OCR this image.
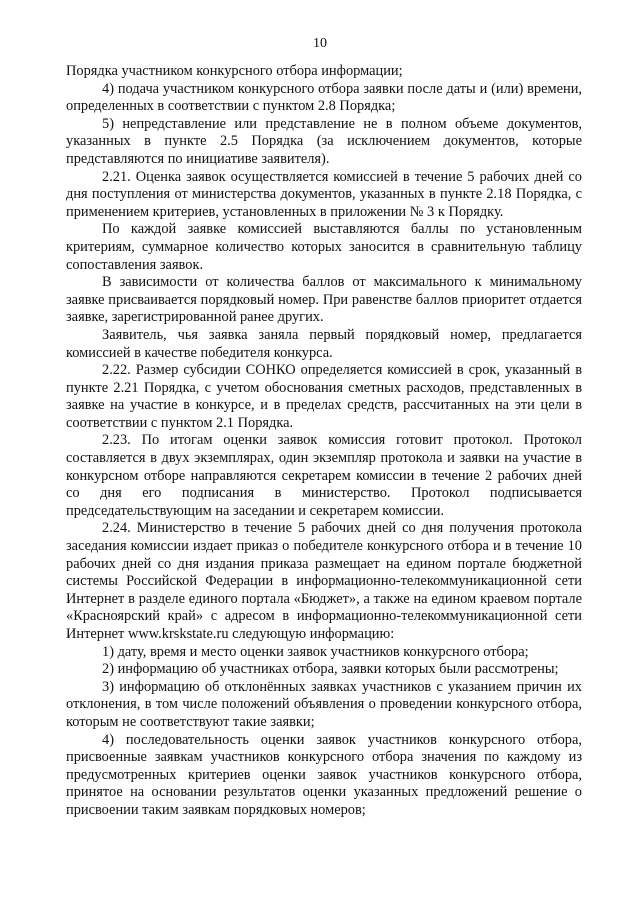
10

Порядка участником конкурсного отбора информации;

4) подача участником конкурсного отбора заявки после даты и (или) времени, определенных в соответствии с пунктом 2.8 Порядка;

5) непредставление или представление не в полном объеме документов, указанных в пункте 2.5 Порядка (за исключением документов, которые представляются по инициативе заявителя).

2.21. Оценка заявок осуществляется комиссией в течение 5 рабочих дней со дня поступления от министерства документов, указанных в пункте 2.18 Порядка, с применением критериев, установленных в приложении № 3 к Порядку.

По каждой заявке комиссией выставляются баллы по установленным критериям, суммарное количество которых заносится в сравнительную таблицу сопоставления заявок.

В зависимости от количества баллов от максимального к минимальному заявке присваивается порядковый номер. При равенстве баллов приоритет отдается заявке, зарегистрированной ранее других.

Заявитель, чья заявка заняла первый порядковый номер, предлагается комиссией в качестве победителя конкурса.

2.22. Размер субсидии СОНКО определяется комиссией в срок, указанный в пункте 2.21 Порядка, с учетом обоснования сметных расходов, представленных в заявке на участие в конкурсе, и в пределах средств, рассчитанных на эти цели в соответствии с пунктом 2.1 Порядка.

2.23. По итогам оценки заявок комиссия готовит протокол. Протокол составляется в двух экземплярах, один экземпляр протокола и заявки на участие в конкурсном отборе направляются секретарем комиссии в течение 2 рабочих дней со дня его подписания в министерство. Протокол подписывается председательствующим на заседании и секретарем комиссии.

2.24. Министерство в течение 5 рабочих дней со дня получения протокола заседания комиссии издает приказ о победителе конкурсного отбора и в течение 10 рабочих дней со дня издания приказа размещает на едином портале бюджетной системы Российской Федерации в информационно-телекоммуникационной сети Интернет в разделе единого портала «Бюджет», а также на едином краевом портале «Красноярский край» с адресом в информационно-телекоммуникационной сети Интернет www.krskstate.ru следующую информацию:

1) дату, время и место оценки заявок участников конкурсного отбора;

2) информацию об участниках отбора, заявки которых были рассмотрены;

3) информацию об отклонённых заявках участников с указанием причин их отклонения, в том числе положений объявления о проведении конкурсного отбора, которым не соответствуют такие заявки;

4) последовательность оценки заявок участников конкурсного отбора, присвоенные заявкам участников конкурсного отбора значения по каждому из предусмотренных критериев оценки заявок участников конкурсного отбора, принятое на основании результатов оценки указанных предложений решение о присвоении таким заявкам порядковых номеров;
